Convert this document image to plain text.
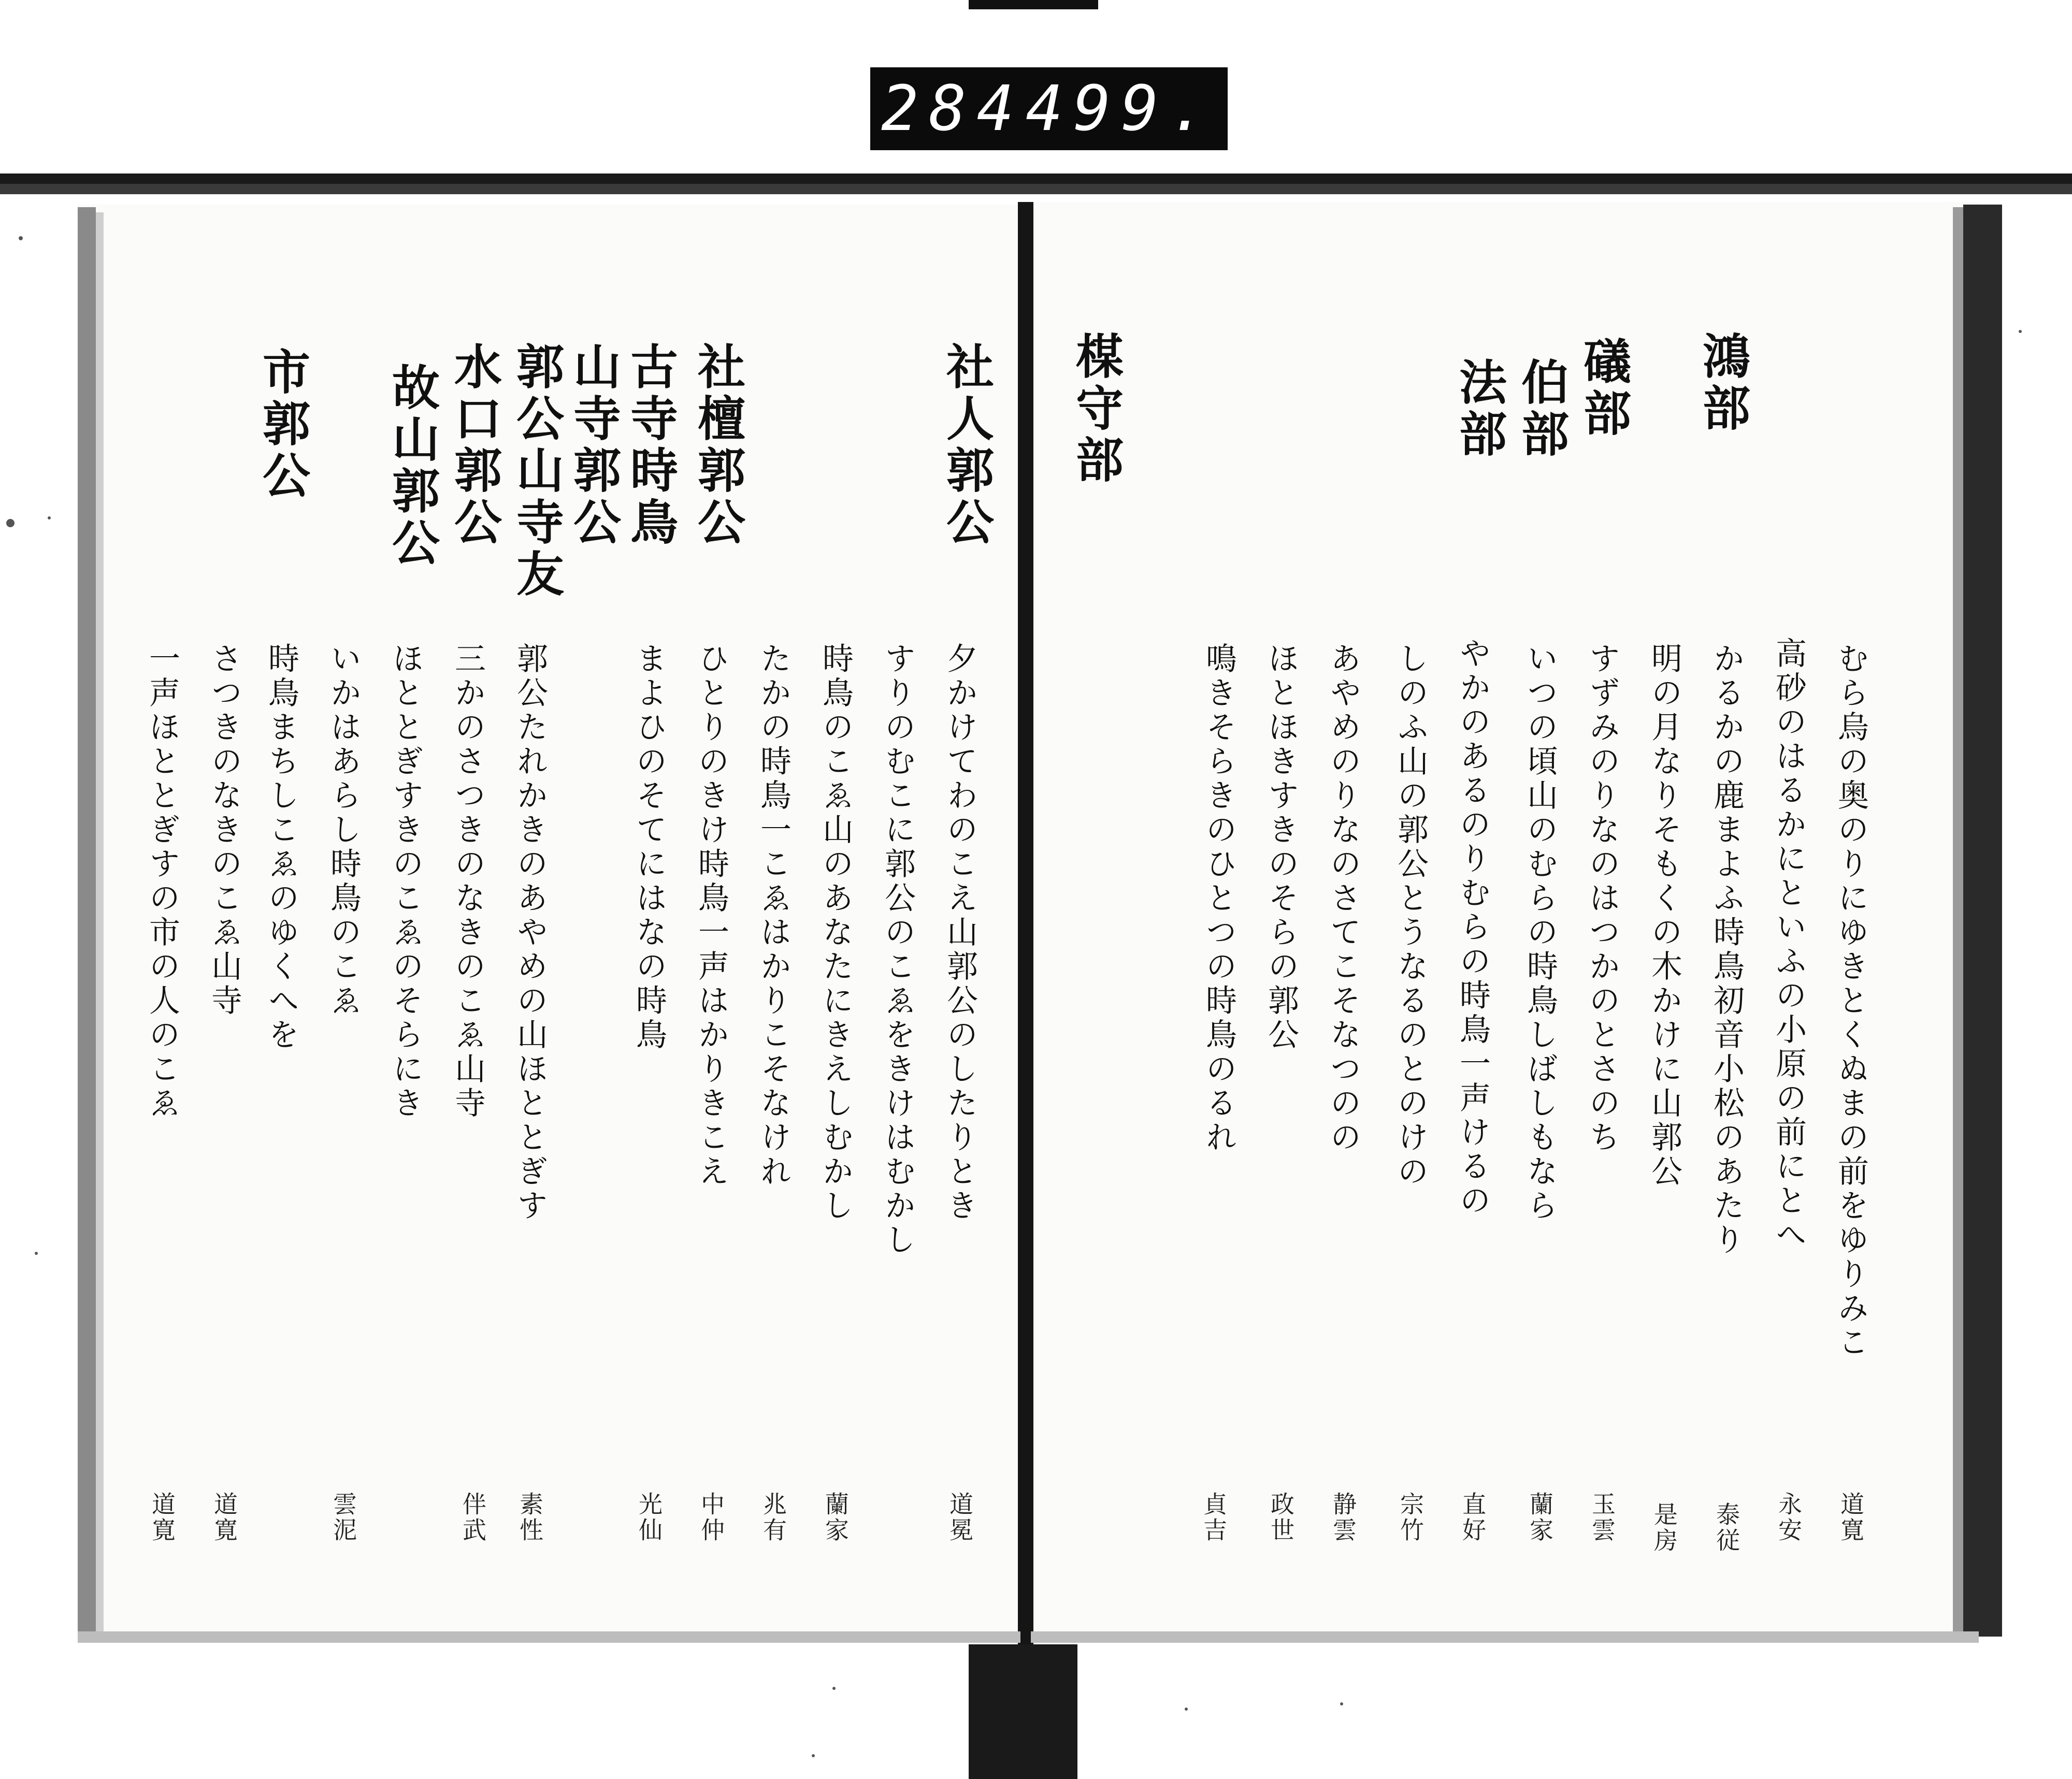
284 499.
鴻部
礒部
伯部
法部
楳守部
むら烏の奥のりにゆきとくぬまの前をゆりみこ
高砂のはるかにといふの小原の前にとへ
かるかの鹿まよふ時鳥初音小松のあたり
明の月なりそもくの木かけに山郭公
すずみのりなのはつかのとさのち
いつの頃山のむらの時鳥しばしもなら
やかのあるのりむらの時鳥一声けるの
しのふ山の郭公とうなるのとのけの
あやめのりなのさてこそなつのの
ほとほきすきのそらの郭公
鳴きそらきのひとつの時鳥のるれ
道寛
永安
泰従
是房
玉雲
蘭家
直好
宗竹
静雲
政世
貞吉
社人郭公
社檀郭公
古寺時鳥
山寺郭公
郭公山寺友
水口郭公
故山郭公
市郭公
夕かけてわのこえ山郭公のしたりとき
すりのむこに郭公のこゑをきけはむかし
時鳥のこゑ山のあなたにきえしむかし
たかの時鳥一こゑはかりこそなけれ
ひとりのきけ時鳥一声はかりきこえ
まよひのそてにはなの時鳥
郭公たれかきのあやめの山ほととぎす
三かのさつきのなきのこゑ山寺
ほととぎすきのこゑのそらにき
いかはあらし時鳥のこゑ
時鳥まちしこゑのゆくへを
さつきのなきのこゑ山寺
一声ほととぎすの市の人のこゑ
道冕
蘭家
兆有
中仲
光仙
伴武 素性
雲泥
道寛
道寛
